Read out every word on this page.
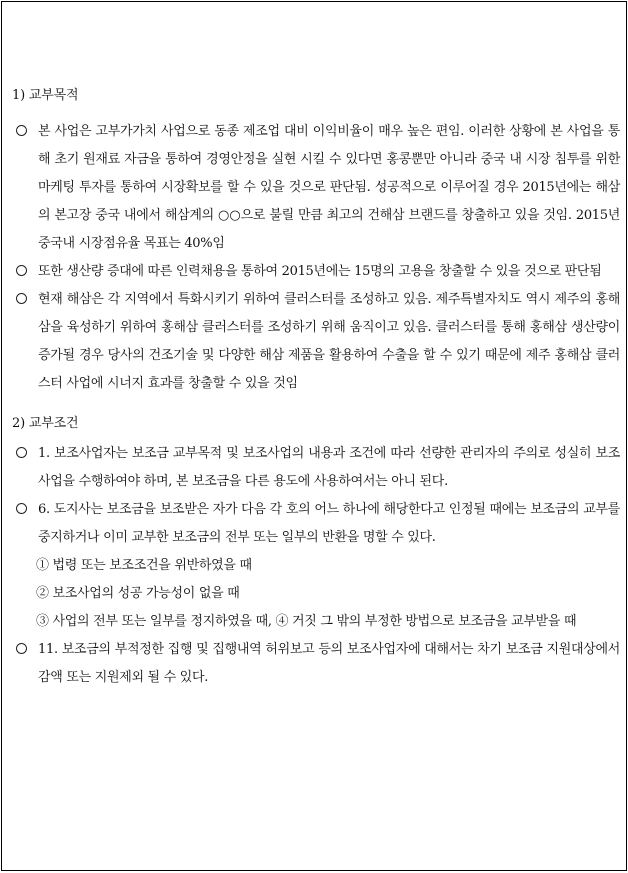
1) 교부목적

본 사업은 고부가가치 사업으로 동종 제조업 대비 이익비율이 매우 높은 편임. 이러한 상황에 본 사업을 통해 초기 원재료 자금을 통하여 경영안정을 실현 시킬 수 있다면 홍콩뿐만 아니라 중국 내 시장 침투를 위한 마케팅 투자를 통하여 시장확보를 할 수 있을 것으로 판단됨. 성공적으로 이루어질 경우 2015년에는 해삼의 본고장 중국 내에서 해삼계의 ○○으로 불릴 만큼 최고의 건해삼 브랜드를 창출하고 있을 것임. 2015년 중국내 시장점유율 목표는 40%임
또한 생산량 증대에 따른 인력채용을 통하여 2015년에는 15명의 고용을 창출할 수 있을 것으로 판단됨
현재 해삼은 각 지역에서 특화시키기 위하여 클러스터를 조성하고 있음. 제주특별자치도 역시 제주의 홍해삼을 육성하기 위하여 홍해삼 클러스터를 조성하기 위해 움직이고 있음. 클러스터를 통해 홍해삼 생산량이 증가될 경우 당사의 건조기술 및 다양한 해삼 제품을 활용하여 수출을 할 수 있기 때문에 제주 홍해삼 클러스터 사업에 시너지 효과를 창출할 수 있을 것임

2) 교부조건

1. 보조사업자는 보조금 교부목적 및 보조사업의 내용과 조건에 따라 선량한 관리자의 주의로 성실히 보조사업을 수행하여야 하며, 본 보조금을 다른 용도에 사용하여서는 아니 된다.
6. 도지사는 보조금을 보조받은 자가 다음 각 호의 어느 하나에 해당한다고 인정될 때에는 보조금의 교부를 중지하거나 이미 교부한 보조금의 전부 또는 일부의 반환을 명할 수 있다.
① 법령 또는 보조조건을 위반하였을 때
② 보조사업의 성공 가능성이 없을 때
③ 사업의 전부 또는 일부를 정지하였을 때, ④ 거짓 그 밖의 부정한 방법으로 보조금을 교부받을 때
11. 보조금의 부적정한 집행 및 집행내역 허위보고 등의 보조사업자에 대해서는 차기 보조금 지원대상에서 감액 또는 지원제외 될 수 있다.
